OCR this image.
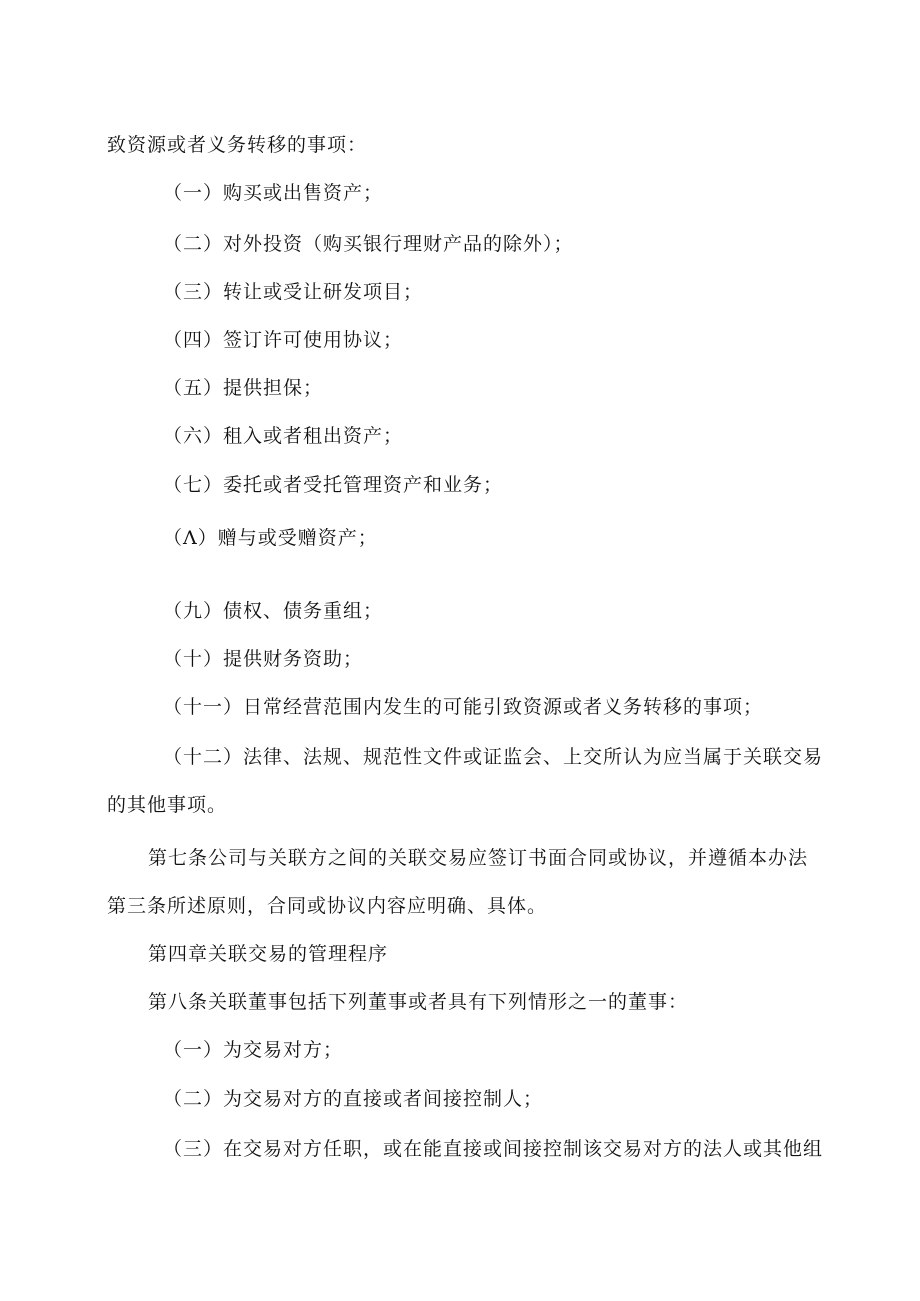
致资源或者义务转移的事项：
（一）购买或出售资产；
（二）对外投资（购买银行理财产品的除外）；
（三）转让或受让研发项目；
（四）签订许可使用协议；
（五）提供担保；
（六）租入或者租出资产；
（七）委托或者受托管理资产和业务；
（Λ）赠与或受赠资产；
（九）债权、债务重组；
（十）提供财务资助；
（十一）日常经营范围内发生的可能引致资源或者义务转移的事项；
（十二）法律、法规、规范性文件或证监会、上交所认为应当属于关联交易
的其他事项。
第七条公司与关联方之间的关联交易应签订书面合同或协议，并遵循本办法
第三条所述原则，合同或协议内容应明确、具体。
第四章关联交易的管理程序
第八条关联董事包括下列董事或者具有下列情形之一的董事：
（一）为交易对方；
（二）为交易对方的直接或者间接控制人；
（三）在交易对方任职，或在能直接或间接控制该交易对方的法人或其他组
